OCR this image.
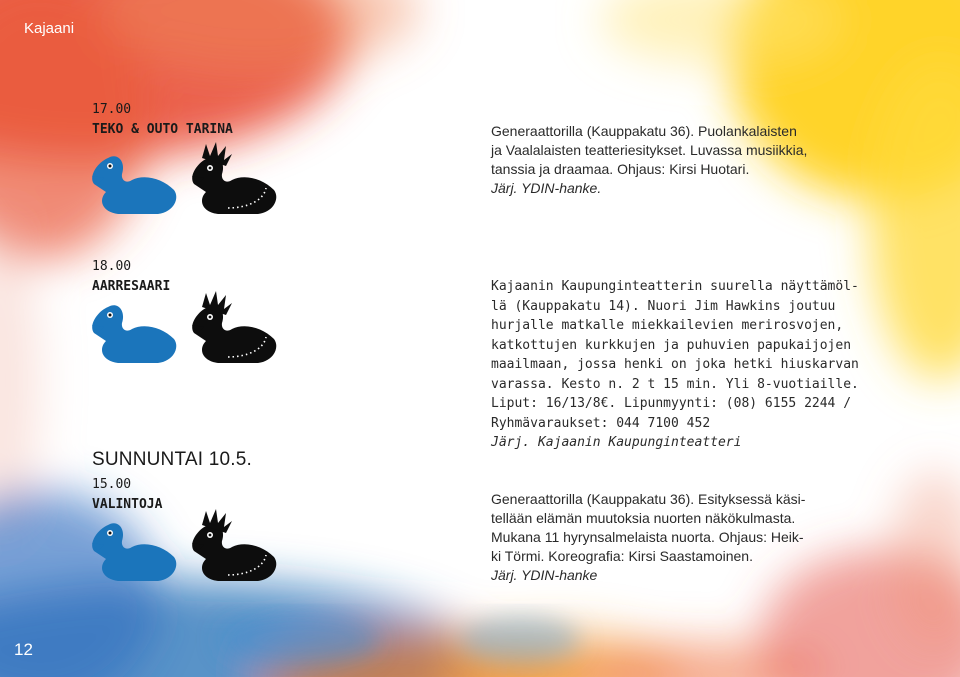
Kajaani
12
17.00
TEKO & OUTO TARINA	Generaattorilla (Kauppakatu 36). Puolankalaisten
ja Vaalalaisten teatteriesitykset. Luvassa musiikkia,
tanssia ja draamaa. Ohjaus: Kirsi Huotari.

Järj. YDIN-hanke.

18.00
AARRESAARI	Kajaanin Kaupunginteatterin suurella näyttämöl-
lä (Kauppakatu 14). Nuori Jim Hawkins joutuu
hurjalle matkalle miekkailevien merirosvojen,
katkottujen kurkkujen ja puhuvien papukaijojen
maailmaan, jossa henki on joka hetki hiuskarvan
varassa. Kesto n. 2 t 15 min. Yli 8-vuotiaille.
Liput: 16/13/8€. Lipunmyynti: (08) 6155 2244 /
Ryhmävaraukset: 044 7100 452

Järj. Kajaanin Kaupunginteatteri

SUNNUNTAI 10.5.
15.00
VALINTOJA	Generaattorilla (Kauppakatu 36). Esityksessä käsi-
tellään elämän muutoksia nuorten näkökulmasta.
Mukana 11 hyrynsalmelaista nuorta. Ohjaus: Heik-
ki Törmi. Koreografia: Kirsi Saastamoinen.

Järj. YDIN-hanke
